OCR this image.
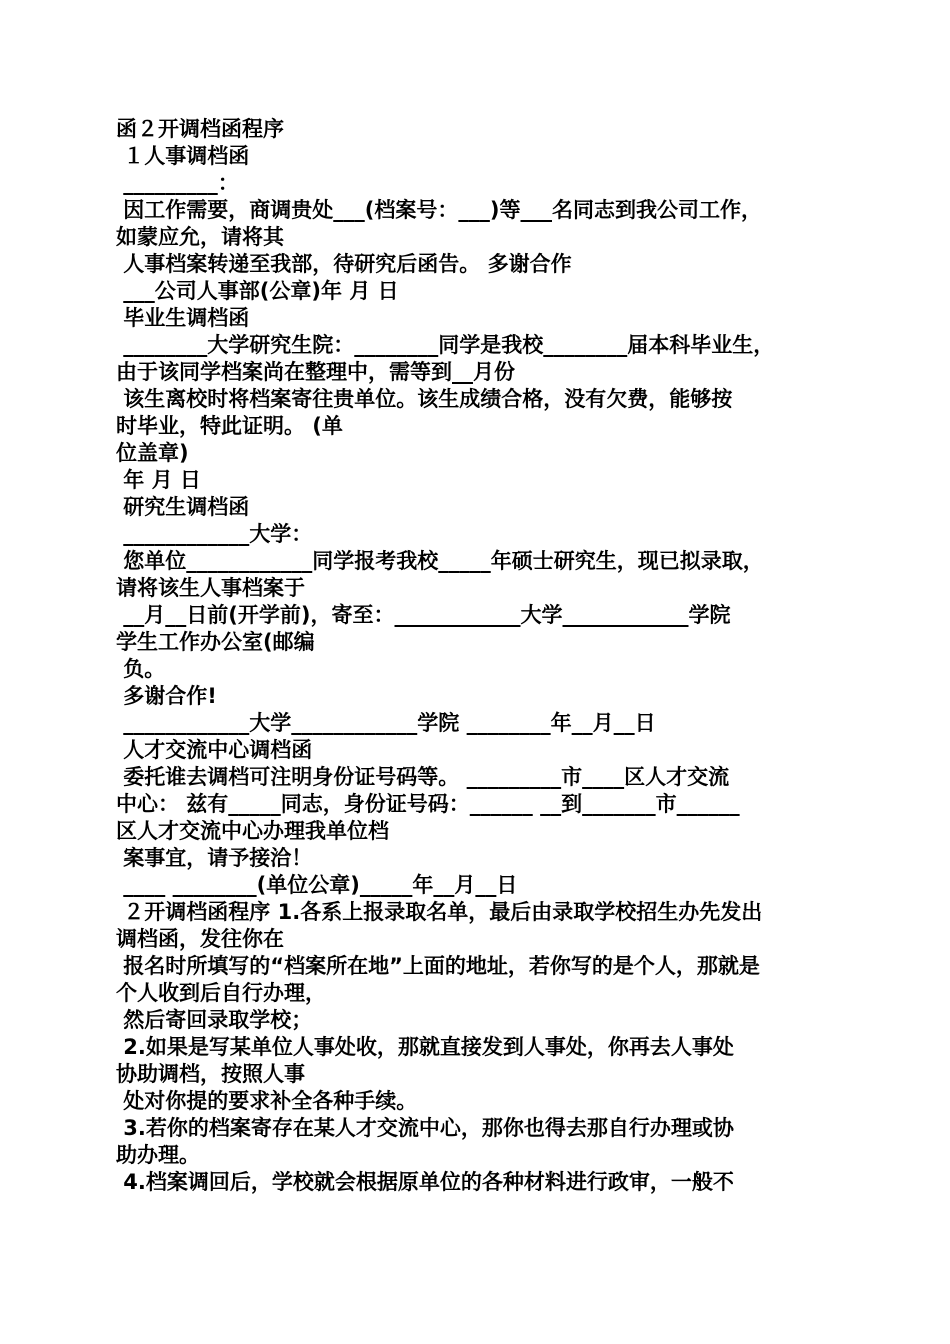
函２开调档函程序
１人事调档函
_________：
因工作需要，商调贵处___(档案号：___)等___名同志到我公司工作，
如蒙应允，请将其
人事档案转递至我部，待研究后函告。 多谢合作
___公司人事部(公章)年 月 日
毕业生调档函
________大学研究生院：________同学是我校________届本科毕业生，
由于该同学档案尚在整理中，需等到__月份
该生离校时将档案寄往贵单位。该生成绩合格，没有欠费，能够按
时毕业，特此证明。 (单
位盖章)
年 月 日
研究生调档函
____________大学：
您单位____________同学报考我校_____年硕士研究生，现已拟录取，
请将该生人事档案于
__月__日前(开学前)，寄至：____________大学____________学院
学生工作办公室(邮编
负。
多谢合作!
____________大学____________学院 ________年__月__日
人才交流中心调档函
委托谁去调档可注明身份证号码等。 _________市____区人才交流
中心： 兹有_____同志，身份证号码：______ __到_______市______
区人才交流中心办理我单位档
案事宜，请予接洽！
____ ________(单位公章)_____年__月__日
２开调档函程序 1.各系上报录取名单，最后由录取学校招生办先发出
调档函，发往你在
报名时所填写的“档案所在地”上面的地址，若你写的是个人，那就是
个人收到后自行办理，
然后寄回录取学校；
2.如果是写某单位人事处收，那就直接发到人事处，你再去人事处
协助调档，按照人事
处对你提的要求补全各种手续。
3.若你的档案寄存在某人才交流中心，那你也得去那自行办理或协
助办理。
4.档案调回后，学校就会根据原单位的各种材料进行政审，一般不
